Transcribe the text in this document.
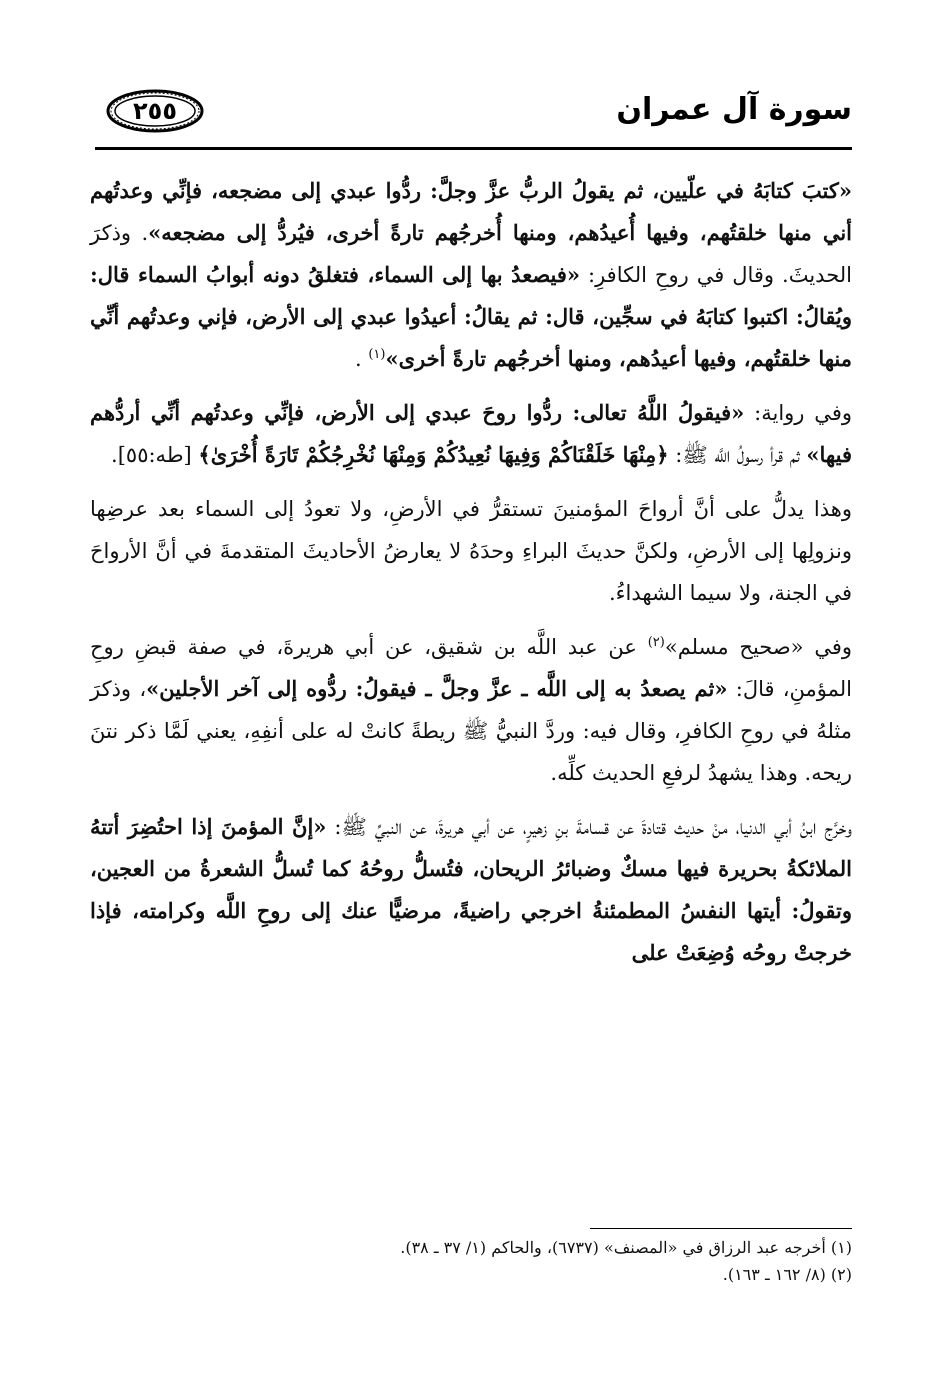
سورة آل عمران
٢٥٥

«كتبَ كتابَهُ في علّيين، ثم يقولُ الربُّ عزَّ وجلَّ: ردُّوا عبدي إلى مضجعه، فإنِّي وعدتُهم أني منها خلقتُهم، وفيها أُعيدُهم، ومنها أُخرجُهم تارةً أخرى، فيُردُّ إلى مضجعه». وذكرَ الحديثَ. وقال في روحِ الكافرِ: «فيصعدُ بها إلى السماء، فتغلقُ دونه أبوابُ السماء قال: ويُقالُ: اكتبوا كتابَهُ في سجِّين، قال: ثم يقالُ: أعيدُوا عبدي إلى الأرض، فإني وعدتُهم أنِّي منها خلقتُهم، وفيها أعيدُهم، ومنها أخرجُهم تارةً أخرى»$^{(١)}$ .

وفي رواية: «فيقولُ اللَّهُ تعالى: ردُّوا روحَ عبدي إلى الأرض، فإنِّي وعدتُهم أنِّي أردُّهم فيها» ثم قرأ رسولُ اللَّه ﷺ: ﴿مِنْهَا خَلَقْنَاكُمْ وَفِيهَا نُعِيدُكُمْ وَمِنْهَا نُخْرِجُكُمْ تَارَةً أُخْرَىٰ﴾ [طه:٥٥].

وهذا يدلُّ على أنَّ أرواحَ المؤمنينَ تستقرُّ في الأرضِ، ولا تعودُ إلى السماء بعد عرضِها ونزولِها إلى الأرضِ، ولكنَّ حديثَ البراءِ وحدَهُ لا يعارضُ الأحاديثَ المتقدمةَ في أنَّ الأرواحَ في الجنة، ولا سيما الشهداءُ.

وفي «صحيح مسلم»$^{(٢)}$ عن عبد اللَّه بن شقيق، عن أبي هريرةَ، في صفة قبضِ روحِ المؤمنِ، قالَ: «ثم يصعدُ به إلى اللَّه ـ عزَّ وجلَّ ـ فيقولُ: ردُّوه إلى آخر الأجلين»، وذكرَ مثلهُ في روحِ الكافرِ، وقال فيه: وردَّ النبيُّ ﷺ ريطةً كانتْ له على أنفِهِ، يعني لَمَّا ذكر نتنَ ريحه. وهذا يشهدُ لرفعِ الحديث كلِّه.

وخرَّج ابنُ أبي الدنيا، منْ حديث قتادةَ عن قسامةَ بنِ زهيرٍ، عن أبي هريرةَ، عن النبيِّ ﷺ: «إنَّ المؤمنَ إذا احتُضِرَ أتتهُ الملائكةُ بحريرة فيها مسكٌ وضبائرُ الريحان، فتُسلُّ روحُهُ كما تُسلُّ الشعرةُ من العجين، وتقولُ: أيتها النفسُ المطمئنةُ اخرجي راضيةً، مرضيًّا عنك إلى روحِ اللَّه وكرامته، فإذا خرجتْ روحُه وُضِعَتْ على

(١) أخرجه عبد الرزاق في «المصنف» (٦٧٣٧)، والحاكم (١/ ٣٧ ـ ٣٨).

(٢) (٨/ ١٦٢ ـ ١٦٣).
